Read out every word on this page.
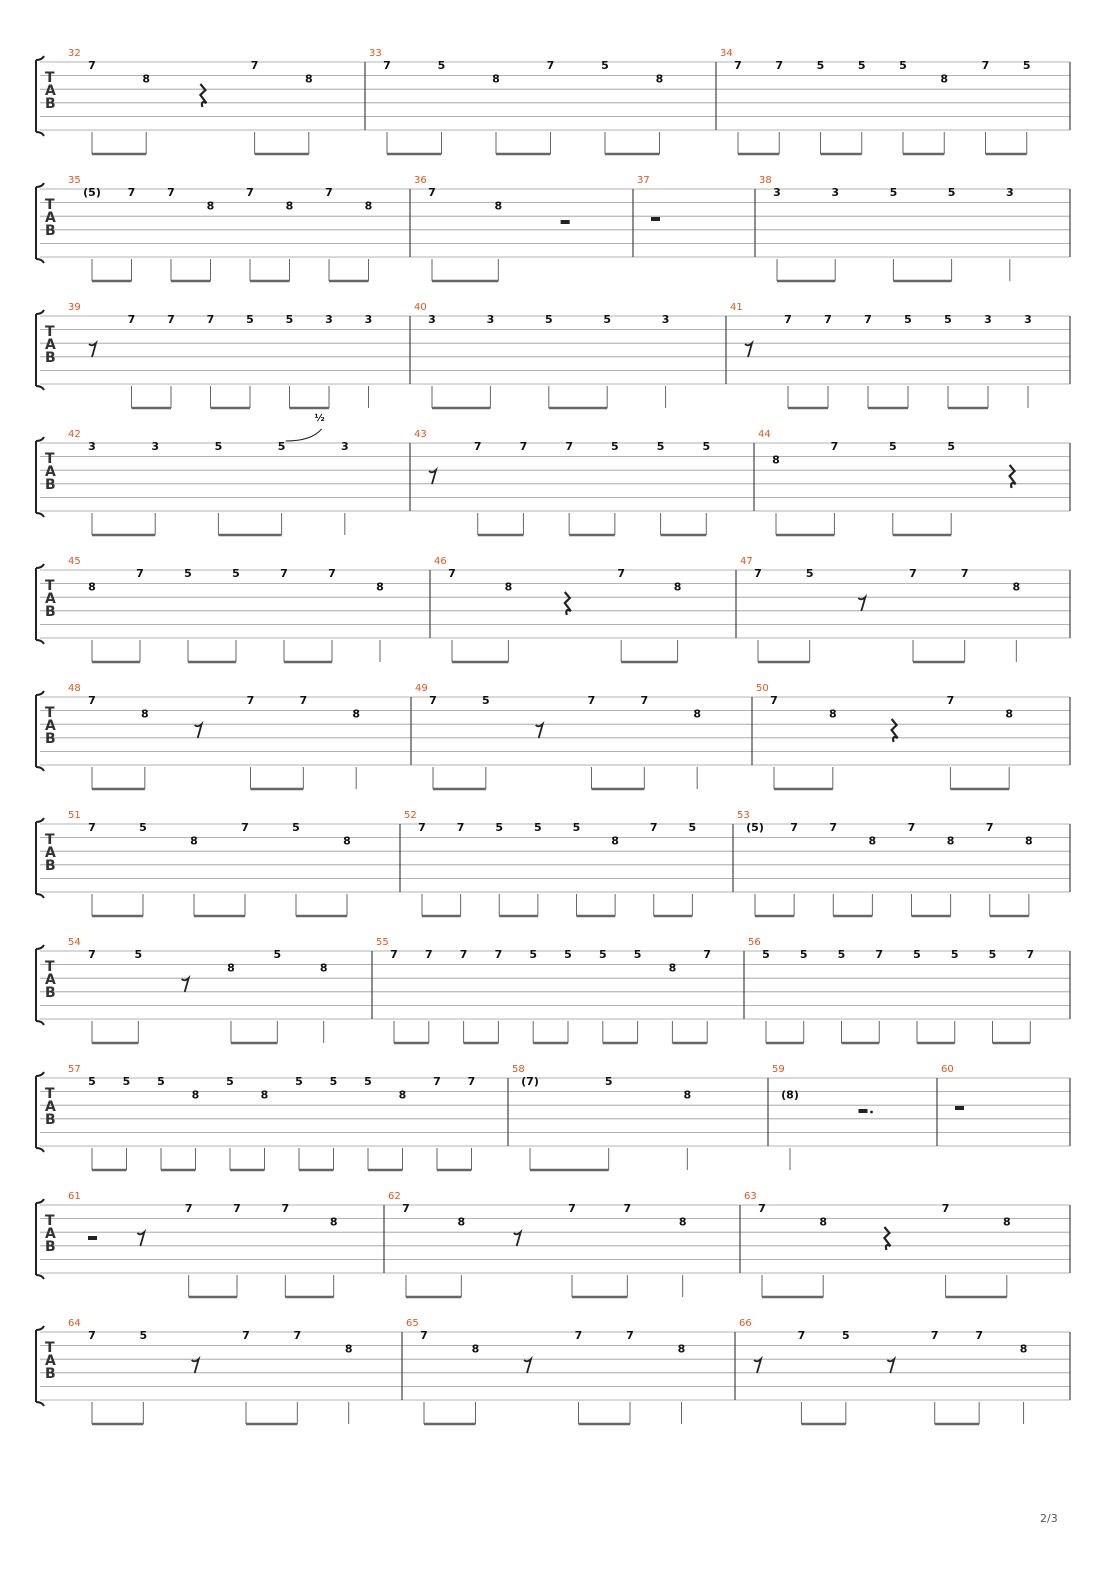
T
A
B
32
7
8
7
8
33
7	5
8
7	5
8
34
7	7	5	5	5
8
7	5
T
A
B
35
(5) 7	7
8
7
8
7
8
36
7
8
37	38
3	3	5	5	3
T
A
B
39
7	7	7	5	5	3	3
40
3	3	5	5	3
41
7	7	7	5	5	3	3
T
A
B
42
3	3	5	5	3
½
43
7	7	7	5	5	5
44
8
7	5	5
T
A
B
45
8
7	5	5	7	7
8
46
7
8
7
8
47
7	5	7	7
8
T
A
B
48
7
8
7	7
8
49
7	5	7	7
8
50
7
8
7
8
T
A
B
51
7	5
8
7	5
8
52
7	7	5	5	5
8
7	5
53
(5) 7	7
8
7
8
7
8
T
A
B
54
7	5
8
5
8
55
7 7 7 7 5 5 5 5
8
7
56
5	5	5	7	5	5	5	7
T
A
B
57
5 5 5
8
5
8
5 5 5
8
7 7
58
(7)	5
8
59
(8)
60
T
A
B
61
7	7	7
8
62
7
8
7	7
8
63
7
8
7
8
T
A
B
64
7	5	7	7
8
65
7
8
7	7
8
66
7	5	7	7
8
2/3
